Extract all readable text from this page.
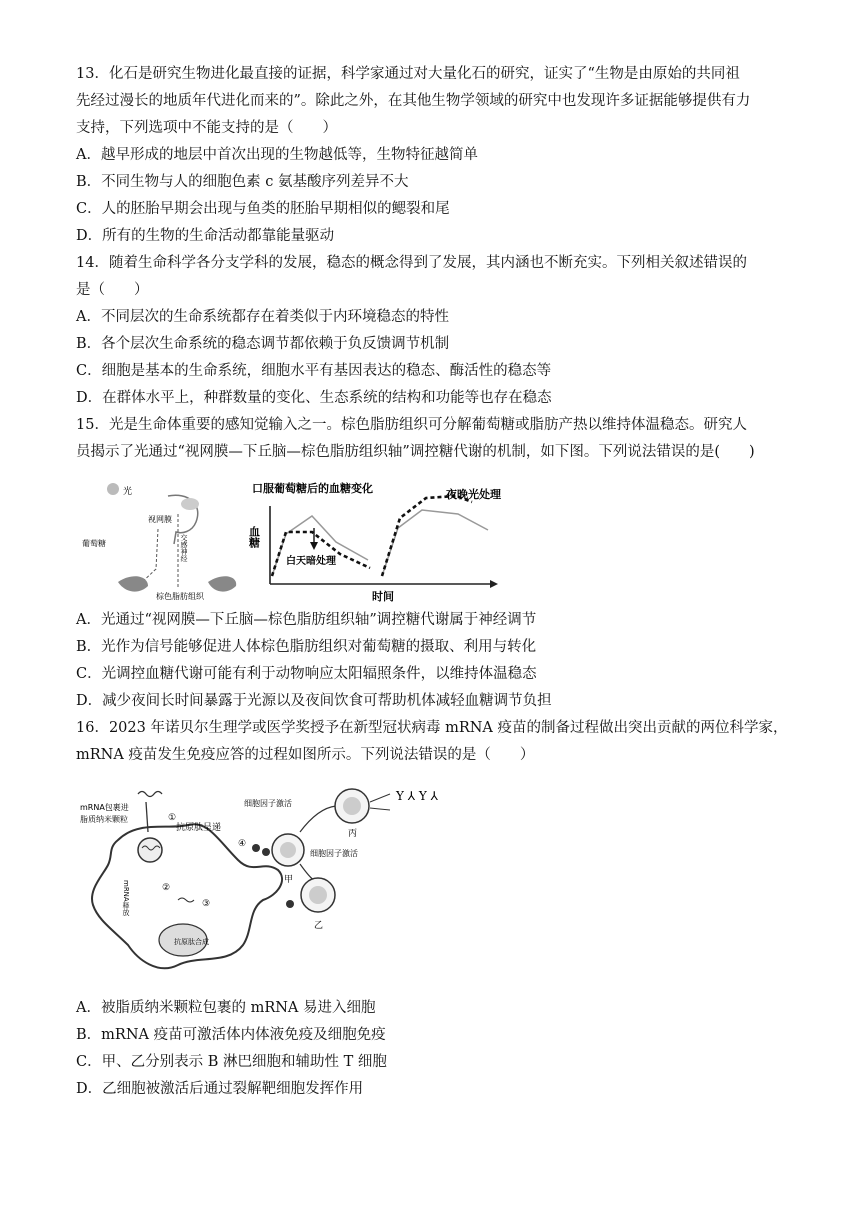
13．化石是研究生物进化最直接的证据，科学家通过对大量化石的研究，证实了“生物是由原始的共同祖
先经过漫长的地质年代进化而来的”。除此之外，在其他生物学领域的研究中也发现许多证据能够提供有力
支持，下列选项中不能支持的是（　　）
A．越早形成的地层中首次出现的生物越低等，生物特征越简单
B．不同生物与人的细胞色素 c 氨基酸序列差异不大
C．人的胚胎早期会出现与鱼类的胚胎早期相似的鳃裂和尾
D．所有的生物的生命活动都靠能量驱动
14．随着生命科学各分支学科的发展，稳态的概念得到了发展，其内涵也不断充实。下列相关叙述错误的
是（　　）
A．不同层次的生命系统都存在着类似于内环境稳态的特性
B．各个层次生命系统的稳态调节都依赖于负反馈调节机制
C．细胞是基本的生命系统，细胞水平有基因表达的稳态、酶活性的稳态等
D．在群体水平上，种群数量的变化、生态系统的结构和功能等也存在稳态
15．光是生命体重要的感知觉输入之一。棕色脂肪组织可分解葡萄糖或脂肪产热以维持体温稳态。研究人
员揭示了光通过“视网膜—下丘脑—棕色脂肪组织轴”调控糖代谢的机制，如下图。下列说法错误的是(　　)
光
视网膜
交感神经
葡萄糖
棕色脂肪组织
口服葡萄糖后的血糖变化
血糖
时间
白天暗处理
夜晚光处理
A．光通过“视网膜—下丘脑—棕色脂肪组织轴”调控糖代谢属于神经调节
B．光作为信号能够促进人体棕色脂肪组织对葡萄糖的摄取、利用与转化
C．光调控血糖代谢可能有利于动物响应太阳辐照条件，以维持体温稳态
D．减少夜间长时间暴露于光源以及夜间饮食可帮助机体减轻血糖调节负担
16．2023 年诺贝尔生理学或医学奖授予在新型冠状病毒 mRNA 疫苗的制备过程做出突出贡献的两位科学家，
mRNA 疫苗发生免疫应答的过程如图所示。下列说法错误的是（　　）
抗原肽合成
mRNA包裹进
脂质纳米颗粒	①
②
③
④
mRNA释放
抗原肽呈递
甲
细胞因子激活
丙
Y ⅄ Y ⅄
细胞因子激活
乙
A．被脂质纳米颗粒包裹的 mRNA 易进入细胞
B．mRNA 疫苗可激活体内体液免疫及细胞免疫
C．甲、乙分别表示 B 淋巴细胞和辅助性 T 细胞
D．乙细胞被激活后通过裂解靶细胞发挥作用
